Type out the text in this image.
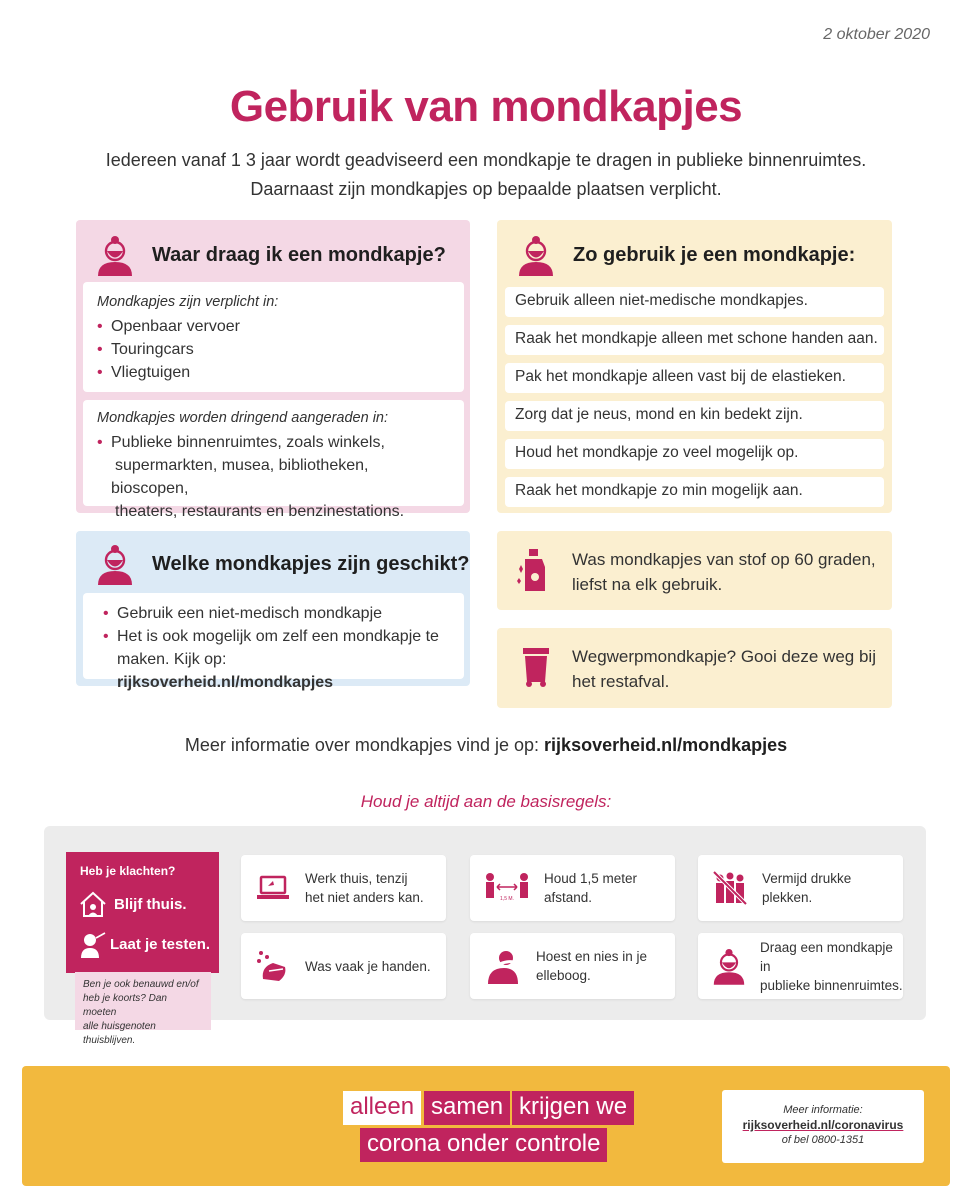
2 oktober 2020
Gebruik van mondkapjes
Iedereen vanaf 1 3 jaar wordt geadviseerd een mondkapje te dragen in publieke binnenruimtes.
Daarnaast zijn mondkapjes op bepaalde plaatsen verplicht.
Waar draag ik een mondkapje?
Mondkapjes zijn verplicht in:
• Openbaar vervoer
• Touringcars
• Vliegtuigen
Mondkapjes worden dringend aangeraden in:
• Publieke binnenruimtes, zoals winkels,
supermarkten, musea, bibliotheken, bioscopen,
theaters, restaurants en benzinestations.
Welke mondkapjes zijn geschikt?
• Gebruik een niet-medisch mondkapje
• Het is ook mogelijk om zelf een mondkapje te
maken. Kijk op: rijksoverheid.nl/mondkapjes
Zo gebruik je een mondkapje:
Gebruik alleen niet-medische mondkapjes.
Raak het mondkapje alleen met schone handen aan.
Pak het mondkapje alleen vast bij de elastieken.
Zorg dat je neus, mond en kin bedekt zijn.
Houd het mondkapje zo veel mogelijk op.
Raak het mondkapje zo min mogelijk aan.
Was mondkapjes van stof op 60 graden,
liefst na elk gebruik.
Wegwerpmondkapje? Gooi deze weg bij
het restafval.
Meer informatie over mondkapjes vind je op: rijksoverheid.nl/mondkapjes
Houd je altijd aan de basisregels:
Heb je klachten?
Blijf thuis.
Laat je testen.
Ben je ook benauwd en/of
heb je koorts? Dan moeten
alle huisgenoten thuisblijven.
Werk thuis, tenzij
het niet anders kan.	1,5 M.
Houd 1,5 meter
afstand.
Vermijd drukke
plekken.
Was vaak je handen.
Hoest en nies in je
elleboog.
Draag een mondkapje in
publieke binnenruimtes.
alleen samen krijgen we
corona onder controle
Meer informatie:
rijksoverheid.nl/coronavirus
of bel 0800-1351
